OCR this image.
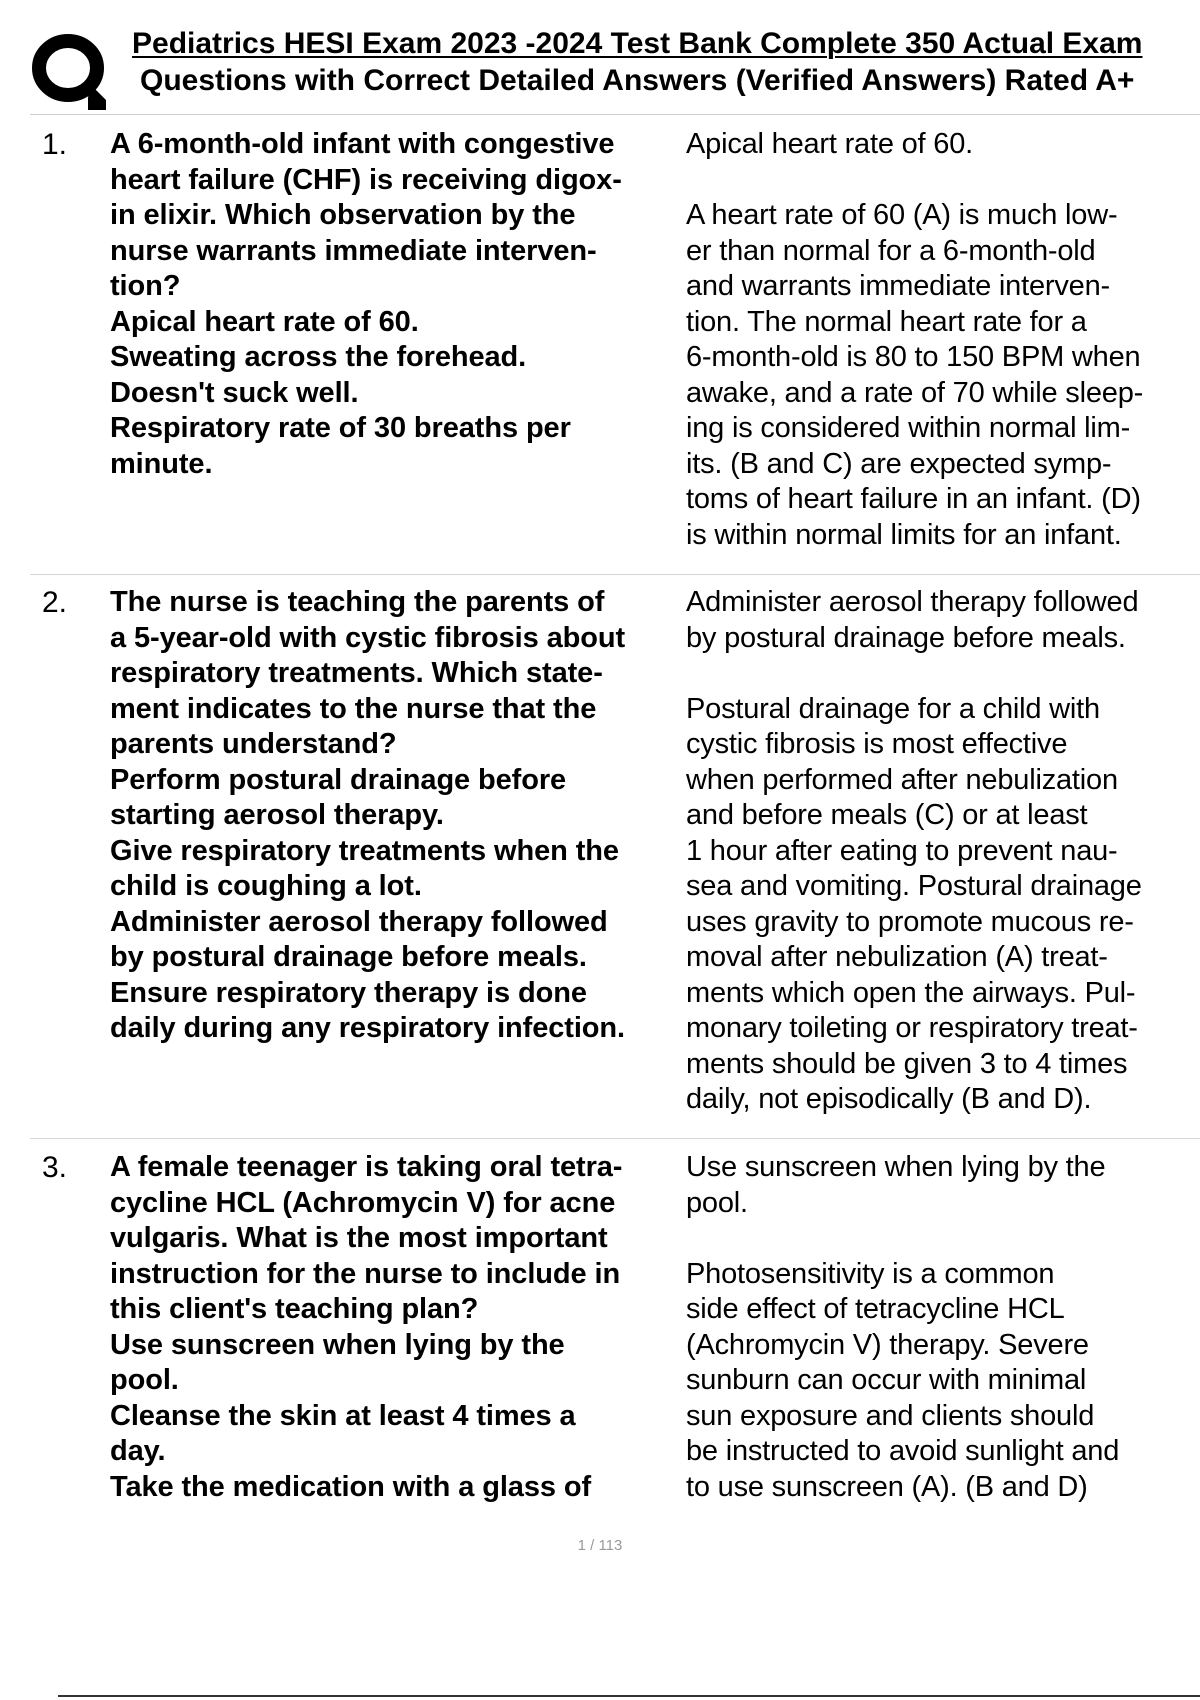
Pediatrics HESI Exam 2023 -2024 Test Bank Complete 350 Actual Exam
Questions with Correct Detailed Answers (Verified Answers) Rated A+
1. A 6-month-old infant with congestive
heart failure (CHF) is receiving digox-
in elixir. Which observation by the
nurse warrants immediate interven-
tion?
Apical heart rate of 60.
Sweating across the forehead.
Doesn't suck well.
Respiratory rate of 30 breaths per
minute.
Apical heart rate of 60.
A heart rate of 60 (A) is much low-
er than normal for a 6-month-old
and warrants immediate interven-
tion. The normal heart rate for a
6-month-old is 80 to 150 BPM when
awake, and a rate of 70 while sleep-
ing is considered within normal lim-
its. (B and C) are expected symp-
toms of heart failure in an infant. (D)
is within normal limits for an infant.
2. The nurse is teaching the parents of
a 5-year-old with cystic fibrosis about
respiratory treatments. Which state-
ment indicates to the nurse that the
parents understand?
Perform postural drainage before
starting aerosol therapy.
Give respiratory treatments when the
child is coughing a lot.
Administer aerosol therapy followed
by postural drainage before meals.
Ensure respiratory therapy is done
daily during any respiratory infection.
Administer aerosol therapy followed
by postural drainage before meals.
Postural drainage for a child with
cystic fibrosis is most effective
when performed after nebulization
and before meals (C) or at least
1 hour after eating to prevent nau-
sea and vomiting. Postural drainage
uses gravity to promote mucous re-
moval after nebulization (A) treat-
ments which open the airways. Pul-
monary toileting or respiratory treat-
ments should be given 3 to 4 times
daily, not episodically (B and D).
3. A female teenager is taking oral tetra-
cycline HCL (Achromycin V) for acne
vulgaris. What is the most important
instruction for the nurse to include in
this client's teaching plan?
Use sunscreen when lying by the
pool.
Cleanse the skin at least 4 times a
day.
Take the medication with a glass of
Use sunscreen when lying by the
pool.
Photosensitivity is a common
side effect of tetracycline HCL
(Achromycin V) therapy. Severe
sunburn can occur with minimal
sun exposure and clients should
be instructed to avoid sunlight and
to use sunscreen (A). (B and D)
1 / 113
